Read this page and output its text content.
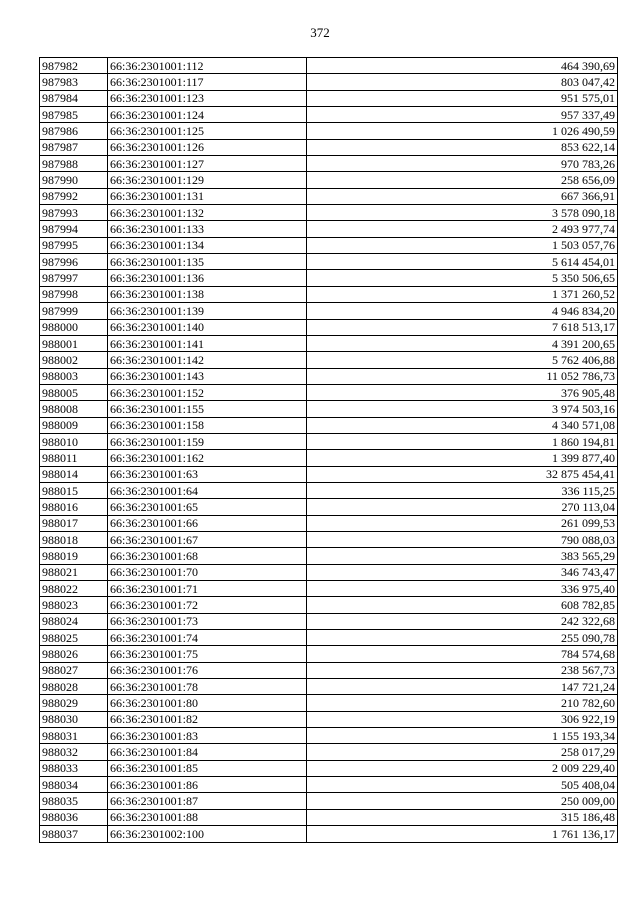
372
987982	66:36:2301001:112	464 390,69
987983	66:36:2301001:117	803 047,42
987984	66:36:2301001:123	951 575,01
987985	66:36:2301001:124	957 337,49
987986	66:36:2301001:125	1 026 490,59
987987	66:36:2301001:126	853 622,14
987988	66:36:2301001:127	970 783,26
987990	66:36:2301001:129	258 656,09
987992	66:36:2301001:131	667 366,91
987993	66:36:2301001:132	3 578 090,18
987994	66:36:2301001:133	2 493 977,74
987995	66:36:2301001:134	1 503 057,76
987996	66:36:2301001:135	5 614 454,01
987997	66:36:2301001:136	5 350 506,65
987998	66:36:2301001:138	1 371 260,52
987999	66:36:2301001:139	4 946 834,20
988000	66:36:2301001:140	7 618 513,17
988001	66:36:2301001:141	4 391 200,65
988002	66:36:2301001:142	5 762 406,88
988003	66:36:2301001:143	11 052 786,73
988005	66:36:2301001:152	376 905,48
988008	66:36:2301001:155	3 974 503,16
988009	66:36:2301001:158	4 340 571,08
988010	66:36:2301001:159	1 860 194,81
988011	66:36:2301001:162	1 399 877,40
988014	66:36:2301001:63	32 875 454,41
988015	66:36:2301001:64	336 115,25
988016	66:36:2301001:65	270 113,04
988017	66:36:2301001:66	261 099,53
988018	66:36:2301001:67	790 088,03
988019	66:36:2301001:68	383 565,29
988021	66:36:2301001:70	346 743,47
988022	66:36:2301001:71	336 975,40
988023	66:36:2301001:72	608 782,85
988024	66:36:2301001:73	242 322,68
988025	66:36:2301001:74	255 090,78
988026	66:36:2301001:75	784 574,68
988027	66:36:2301001:76	238 567,73
988028	66:36:2301001:78	147 721,24
988029	66:36:2301001:80	210 782,60
988030	66:36:2301001:82	306 922,19
988031	66:36:2301001:83	1 155 193,34
988032	66:36:2301001:84	258 017,29
988033	66:36:2301001:85	2 009 229,40
988034	66:36:2301001:86	505 408,04
988035	66:36:2301001:87	250 009,00
988036	66:36:2301001:88	315 186,48
988037	66:36:2301002:100	1 761 136,17
